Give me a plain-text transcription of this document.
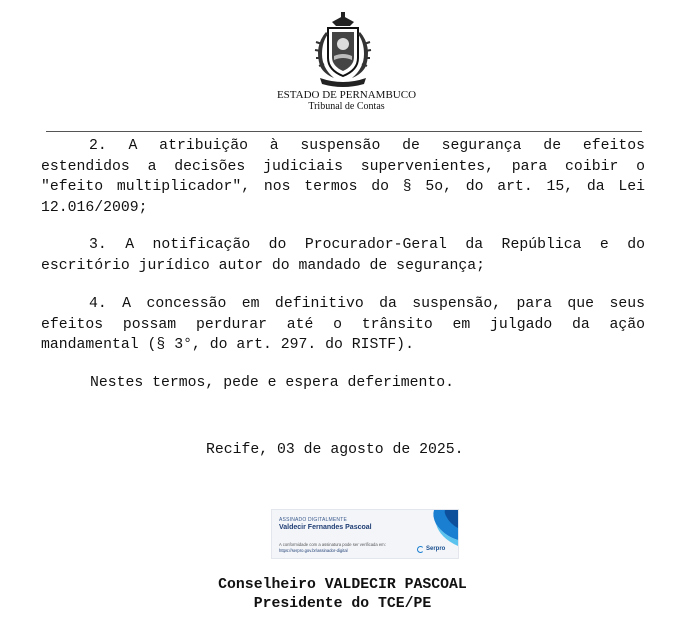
ESTADO DE PERNAMBUCO
Tribunal de Contas
2. A atribuição à suspensão de segurança de efeitos
estendidos a decisões judiciais supervenientes, para coibir o
"efeito multiplicador", nos termos do § 5o, do art. 15, da Lei
12.016/2009;
3. A notificação do Procurador-Geral da República e do
escritório jurídico autor do mandado de segurança;
4. A concessão em definitivo da suspensão, para que seus
efeitos possam perdurar até o trânsito em julgado da ação
mandamental (§ 3°, do art. 297. do RISTF).
Nestes termos, pede e espera deferimento.
Recife, 03 de agosto de 2025.
ASSINADO DIGITALMENTE
Valdecir Fernandes Pascoal
A conformidade com a assinatura pode ser verificada em:
https://serpro.gov.br/assinador-digital	Serpro
Conselheiro VALDECIR PASCOAL
Presidente do TCE/PE
